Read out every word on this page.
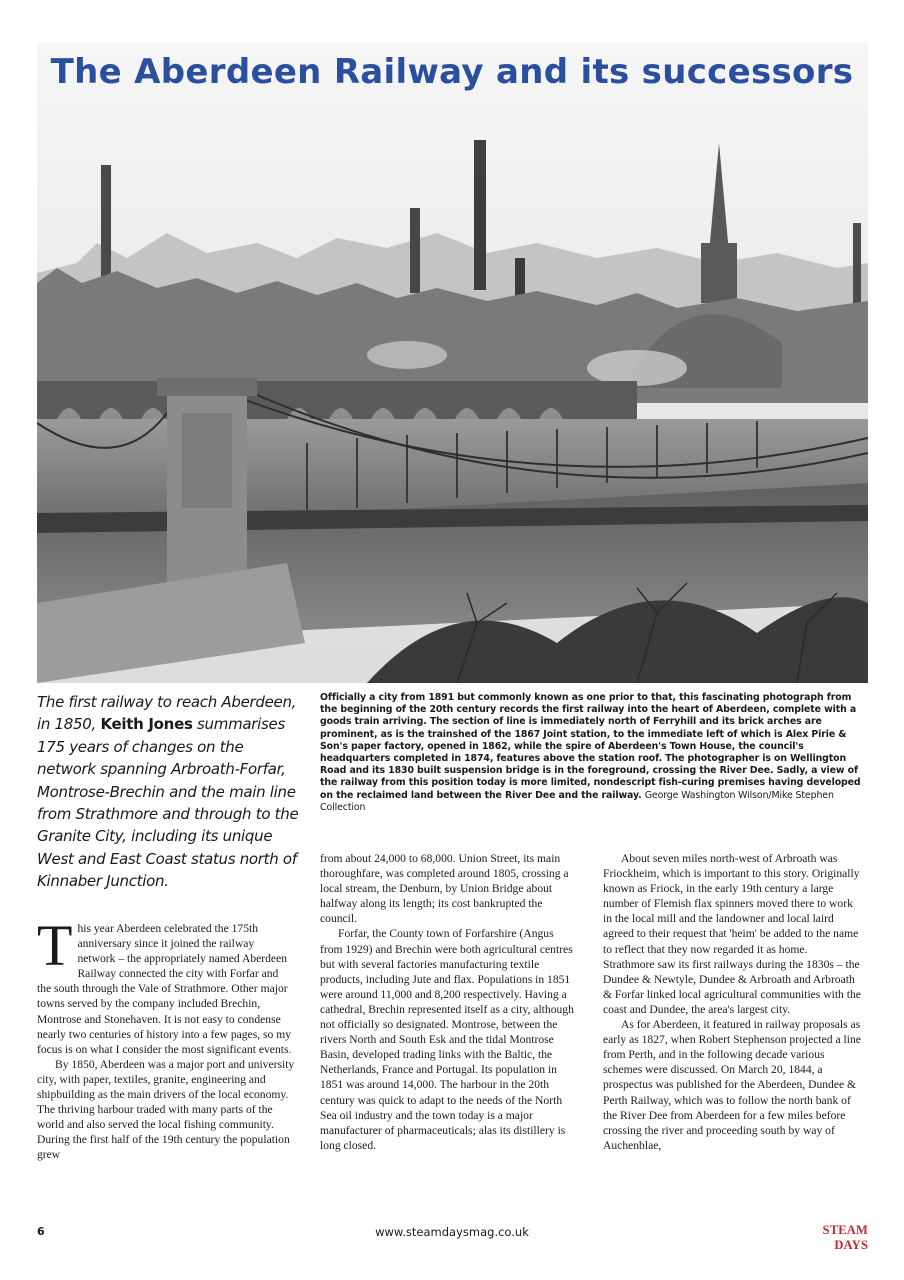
The Aberdeen Railway and its successors
The first railway to reach Aberdeen, in 1850, Keith Jones summarises 175 years of changes on the network spanning Arbroath-Forfar, Montrose-Brechin and the main line from Strathmore and through to the Granite City, including its unique West and East Coast status north of Kinnaber Junction.
Officially a city from 1891 but commonly known as one prior to that, this fascinating photograph from the beginning of the 20th century records the first railway into the heart of Aberdeen, complete with a goods train arriving. The section of line is immediately north of Ferryhill and its brick arches are prominent, as is the trainshed of the 1867 Joint station, to the immediate left of which is Alex Pirie & Son's paper factory, opened in 1862, while the spire of Aberdeen's Town House, the council's headquarters completed in 1874, features above the station roof. The photographer is on Wellington Road and its 1830 built suspension bridge is in the foreground, crossing the River Dee. Sadly, a view of the railway from this position today is more limited, nondescript fish-curing premises having developed on the reclaimed land between the River Dee and the railway. George Washington Wilson/Mike Stephen Collection

This year Aberdeen celebrated the 175th anniversary since it joined the railway network – the appropriately named Aberdeen Railway connected the city with Forfar and the south through the Vale of Strathmore. Other major towns served by the company included Brechin, Montrose and Stonehaven. It is not easy to condense nearly two centuries of history into a few pages, so my focus is on what I consider the most significant events.

By 1850, Aberdeen was a major port and university city, with paper, textiles, granite, engineering and shipbuilding as the main drivers of the local economy. The thriving harbour traded with many parts of the world and also served the local fishing community. During the first half of the 19th century the population grew

from about 24,000 to 68,000. Union Street, its main thoroughfare, was completed around 1805, crossing a local stream, the Denburn, by Union Bridge about halfway along its length; its cost bankrupted the council.

Forfar, the County town of Forfarshire (Angus from 1929) and Brechin were both agricultural centres but with several factories manufacturing textile products, including Jute and flax. Populations in 1851 were around 11,000 and 8,200 respectively. Having a cathedral, Brechin represented itself as a city, although not officially so designated. Montrose, between the rivers North and South Esk and the tidal Montrose Basin, developed trading links with the Baltic, the Netherlands, France and Portugal. Its population in 1851 was around 14,000. The harbour in the 20th century was quick to adapt to the needs of the North Sea oil industry and the town today is a major manufacturer of pharmaceuticals; alas its distillery is long closed.

About seven miles north-west of Arbroath was Friockheim, which is important to this story. Originally known as Friock, in the early 19th century a large number of Flemish flax spinners moved there to work in the local mill and the landowner and local laird agreed to their request that 'heim' be added to the name to reflect that they now regarded it as home. Strathmore saw its first railways during the 1830s – the Dundee & Newtyle, Dundee & Arbroath and Arbroath & Forfar linked local agricultural communities with the coast and Dundee, the area's largest city.

As for Aberdeen, it featured in railway proposals as early as 1827, when Robert Stephenson projected a line from Perth, and in the following decade various schemes were discussed. On March 20, 1844, a prospectus was published for the Aberdeen, Dundee & Perth Railway, which was to follow the north bank of the River Dee from Aberdeen for a few miles before crossing the river and proceeding south by way of Auchenblae,

6	www.steamdaysmag.co.uk	STEAM DAYS
